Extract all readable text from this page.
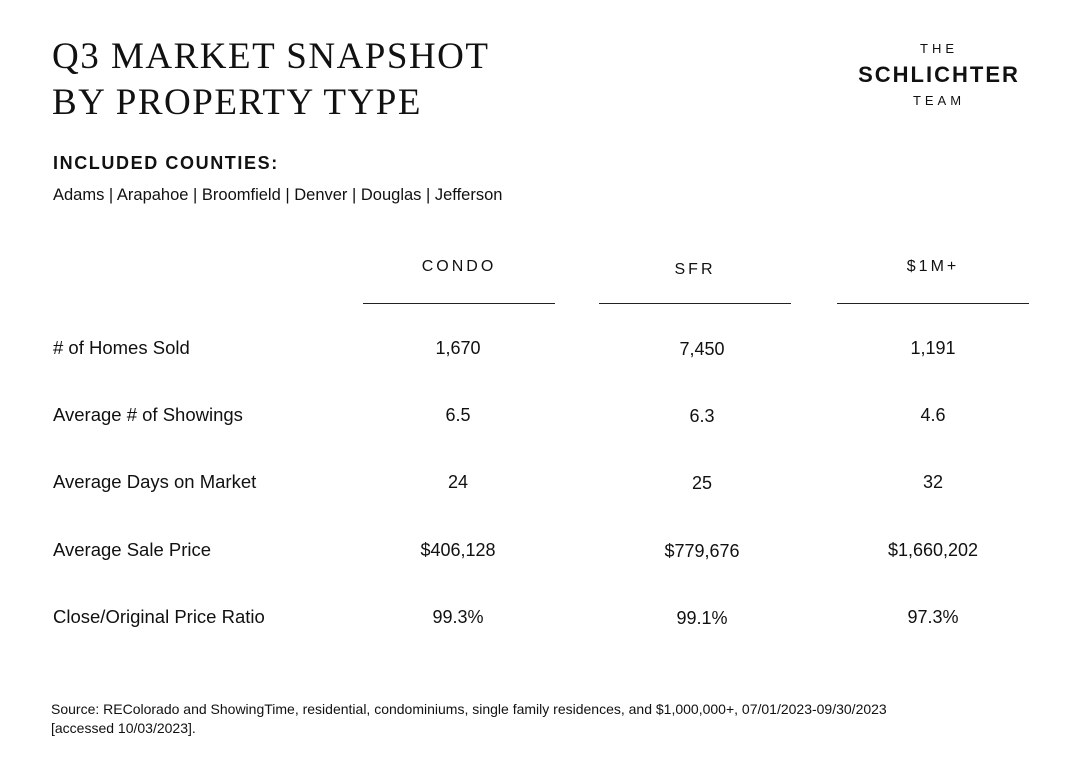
Q3 MARKET SNAPSHOT
BY PROPERTY TYPE
THE
SCHLICHTER
TEAM
INCLUDED COUNTIES:
Adams | Arapahoe | Broomfield | Denver | Douglas | Jefferson
CONDO	SFR	$1M+
# of Homes Sold	1,670	7,450	1,191
Average # of Showings	6.5	6.3	4.6
Average Days on Market	24	25	32
Average Sale Price	$406,128	$779,676	$1,660,202
Close/Original Price Ratio	99.3%	99.1%	97.3%
Source: REColorado and ShowingTime, residential, condominiums, single family residences, and $1,000,000+, 07/01/2023-09/30/2023
[accessed 10/03/2023].
